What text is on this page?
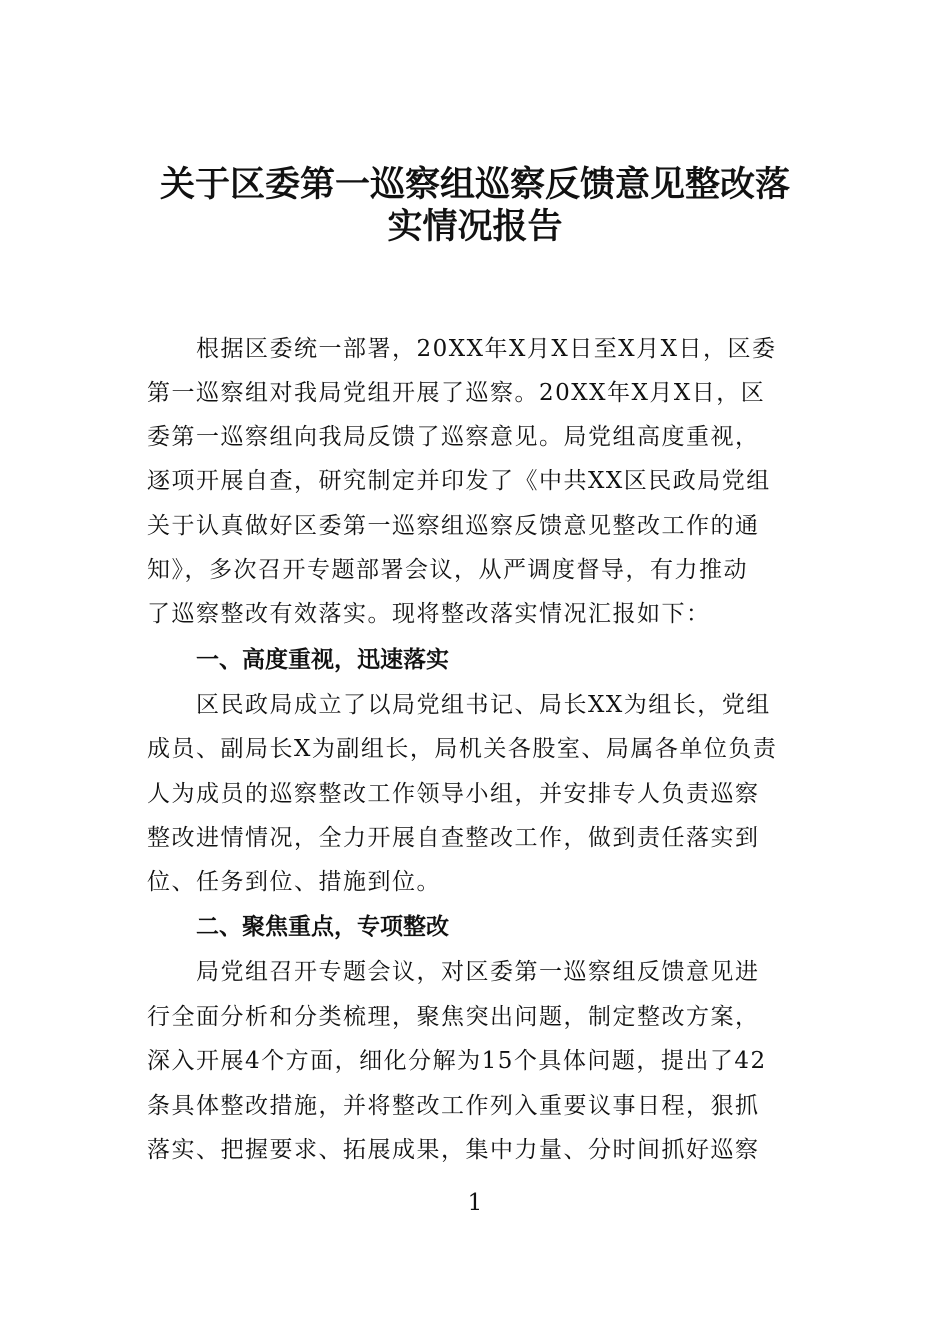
关于区委第一巡察组巡察反馈意见整改落
实情况报告

根据区委统一部署，20XX年X月X日至X月X日，区委

第一巡察组对我局党组开展了巡察。20XX年X月X日，区

委第一巡察组向我局反馈了巡察意见。局党组高度重视，

逐项开展自查，研究制定并印发了《中共XX区民政局党组

关于认真做好区委第一巡察组巡察反馈意见整改工作的通

知》，多次召开专题部署会议，从严调度督导，有力推动

了巡察整改有效落实。现将整改落实情况汇报如下：

一、高度重视，迅速落实

区民政局成立了以局党组书记、局长XX为组长，党组

成员、副局长X为副组长，局机关各股室、局属各单位负责

人为成员的巡察整改工作领导小组，并安排专人负责巡察

整改进情情况，全力开展自查整改工作，做到责任落实到

位、任务到位、措施到位。

二、聚焦重点，专项整改

局党组召开专题会议，对区委第一巡察组反馈意见进

行全面分析和分类梳理，聚焦突出问题，制定整改方案，

深入开展4个方面，细化分解为15个具体问题，提出了42

条具体整改措施，并将整改工作列入重要议事日程，狠抓

落实、把握要求、拓展成果，集中力量、分时间抓好巡察

1
